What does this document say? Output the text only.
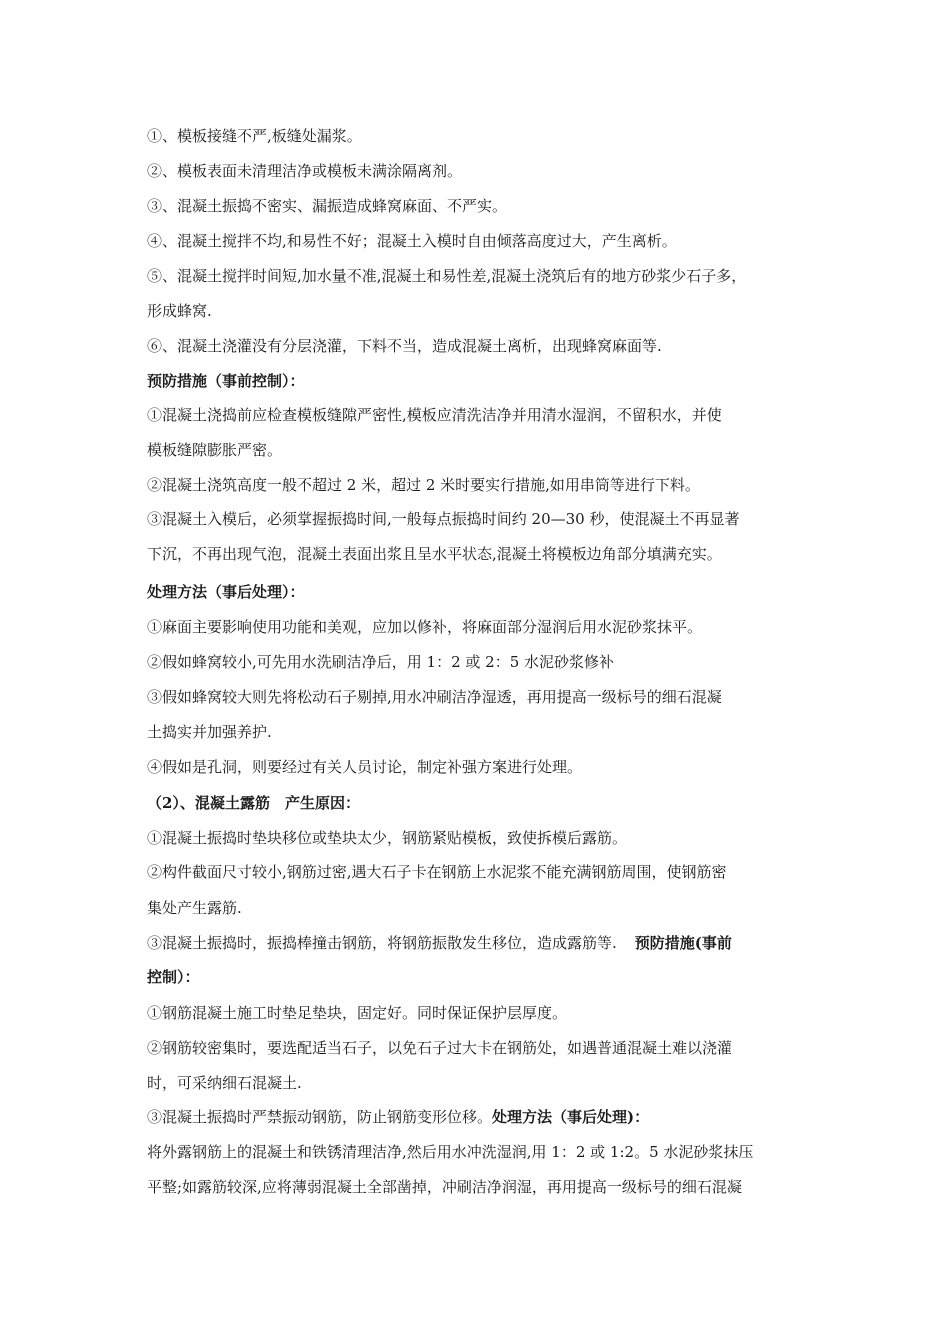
①、模板接缝不严,板缝处漏浆。
②、模板表面未清理洁净或模板未满涂隔离剂。
③、混凝土振捣不密实、漏振造成蜂窝麻面、不严实。
④、混凝土搅拌不均,和易性不好；混凝土入模时自由倾落高度过大，产生离析。
⑤、混凝土搅拌时间短,加水量不准,混凝土和易性差,混凝土浇筑后有的地方砂浆少石子多，
形成蜂窝.
⑥、混凝土浇灌没有分层浇灌，下料不当，造成混凝土离析，出现蜂窝麻面等.
预防措施（事前控制）：
①混凝土浇捣前应检查模板缝隙严密性,模板应清洗洁净并用清水湿润，不留积水，并使
模板缝隙膨胀严密。
②混凝土浇筑高度一般不超过 2 米，超过 2 米时要实行措施,如用串筒等进行下料。
③混凝土入模后，必须掌握振捣时间,一般每点振捣时间约 20—30 秒，使混凝土不再显著
下沉，不再出现气泡，混凝土表面出浆且呈水平状态,混凝土将模板边角部分填满充实。
处理方法（事后处理）：
①麻面主要影响使用功能和美观，应加以修补，将麻面部分湿润后用水泥砂浆抹平。
②假如蜂窝较小,可先用水洗刷洁净后，用 1：2 或 2：5 水泥砂浆修补
③假如蜂窝较大则先将松动石子剔掉,用水冲刷洁净湿透，再用提高一级标号的细石混凝
土捣实并加强养护.
④假如是孔洞，则要经过有关人员讨论，制定补强方案进行处理。
（2）、混凝土露筋　产生原因：
①混凝土振捣时垫块移位或垫块太少，钢筋紧贴模板，致使拆模后露筋。
②构件截面尺寸较小,钢筋过密,遇大石子卡在钢筋上水泥浆不能充满钢筋周围，使钢筋密
集处产生露筋.
③混凝土振捣时，振捣棒撞击钢筋，将钢筋振散发生移位，造成露筋等. 预防措施(事前
控制）：
①钢筋混凝土施工时垫足垫块，固定好。同时保证保护层厚度。
②钢筋较密集时，要选配适当石子，以免石子过大卡在钢筋处，如遇普通混凝土难以浇灌
时，可采纳细石混凝土.
③混凝土振捣时严禁振动钢筋，防止钢筋变形位移。处理方法（事后处理)：
将外露钢筋上的混凝土和铁锈清理洁净,然后用水冲洗湿润,用 1：2 或 1:2。5 水泥砂浆抹压
平整;如露筋较深,应将薄弱混凝土全部凿掉，冲刷洁净润湿，再用提高一级标号的细石混凝
